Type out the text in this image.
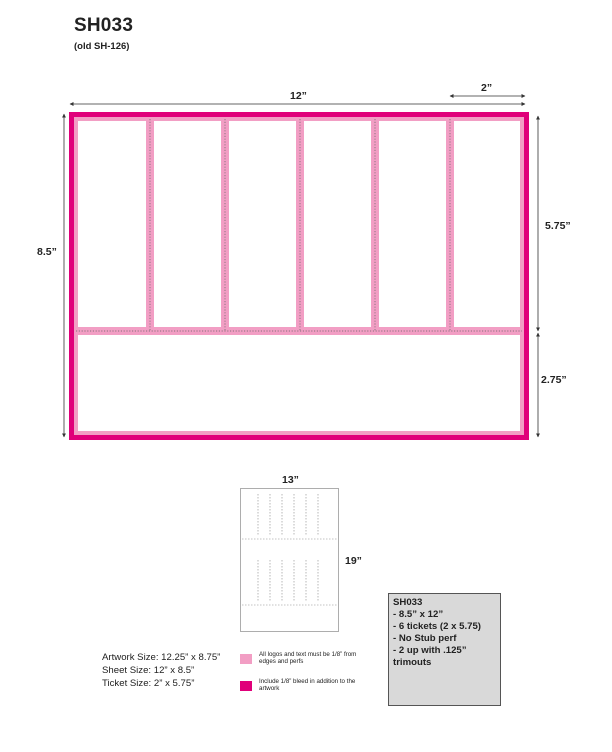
SH033
(old SH-126)
12”
2”
8.5”
5.75”
2.75”
13”
19”
Artwork Size: 12.25” x 8.75”
Sheet Size: 12” x 8.5”
Ticket Size: 2” x 5.75”
All logos and text must be 1/8” from edges and perfs
Include 1/8” bleed in addition to the artwork
SH033
- 8.5” x 12”
- 6 tickets (2 x 5.75)
- No Stub perf
- 2 up with .125” trimouts
